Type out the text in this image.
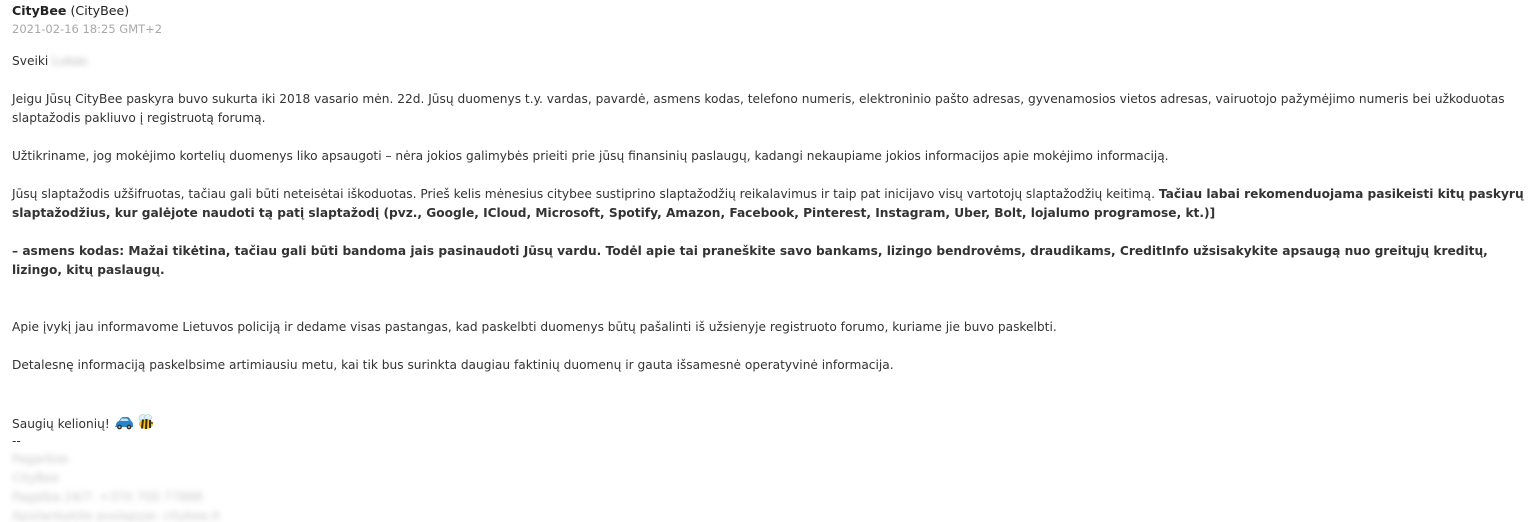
CityBee (CityBee)
2021-02-16 18:25 GMT+2

Sveiki Lukas

Jeigu Jūsų CityBee paskyra buvo sukurta iki 2018 vasario mėn. 22d. Jūsų duomenys t.y. vardas, pavardė, asmens kodas, telefono numeris, elektroninio pašto adresas, gyvenamosios vietos adresas, vairuotojo pažymėjimo numeris bei užkoduotas slaptažodis pakliuvo į registruotą forumą.

Užtikriname, jog mokėjimo kortelių duomenys liko apsaugoti – nėra jokios galimybės prieiti prie jūsų finansinių paslaugų, kadangi nekaupiame jokios informacijos apie mokėjimo informaciją.

Jūsų slaptažodis užšifruotas, tačiau gali būti neteisėtai iškoduotas. Prieš kelis mėnesius citybee sustiprino slaptažodžių reikalavimus ir taip pat inicijavo visų vartotojų slaptažodžių keitimą. Tačiau labai rekomenduojama pasikeisti kitų paskyrų slaptažodžius, kur galėjote naudoti tą patį slaptažodį (pvz., Google, ICloud, Microsoft, Spotify, Amazon, Facebook, Pinterest, Instagram, Uber, Bolt, lojalumo programose, kt.)]

– asmens kodas: Mažai tikėtina, tačiau gali būti bandoma jais pasinaudoti Jūsų vardu. Todėl apie tai praneškite savo bankams, lizingo bendrovėms, draudikams, CreditInfo užsisakykite apsaugą nuo greitųjų kreditų, lizingo, kitų paslaugų.

Apie įvykį jau informavome Lietuvos policiją ir dedame visas pastangas, kad paskelbti duomenys būtų pašalinti iš užsienyje registruoto forumo, kuriame jie buvo paskelbti.

Detalesnę informaciją paskelbsime artimiausiu metu, kai tik bus surinkta daugiau faktinių duomenų ir gauta išsamesnė operatyvinė informacija.

Saugių kelionių!

--
Pagarbiai
CityBee
Pagalba 24/7: +370 700 77888
Apsilankykite puslapyje: citybee.lt
